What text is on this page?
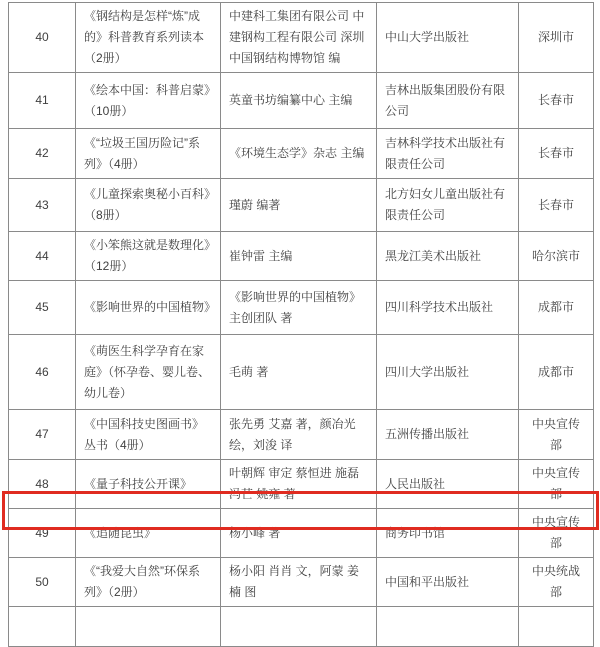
40	《钢结构是怎样“炼”成的》科普教育系列读本（2册）	中建科工集团有限公司 中建钢构工程有限公司 深圳中国钢结构博物馆 编	中山大学出版社	深圳市
41	《绘本中国：科普启蒙》（10册）	英童书坊编纂中心 主编	吉林出版集团股份有限公司	长春市
42	《“垃圾王国历险记”系列》（4册）	《环境生态学》杂志 主编	吉林科学技术出版社有限责任公司	长春市
43	《儿童探索奥秘小百科》（8册）	瑾蔚 编著	北方妇女儿童出版社有限责任公司	长春市
44	《小笨熊这就是数理化》（12册）	崔钟雷 主编	黑龙江美术出版社	哈尔滨市
45	《影响世界的中国植物》	《影响世界的中国植物》主创团队 著	四川科学技术出版社	成都市
46	《萌医生科学孕育在家庭》（怀孕卷、婴儿卷、幼儿卷）	毛萌 著	四川大学出版社	成都市
47	《中国科技史图画书》丛书（4册）	张先勇 艾嘉 著，颜冶光 绘，刘浚 译	五洲传播出版社	中央宣传部
48	《量子科技公开课》	叶朝辉 审定 蔡恒进 施磊 冯芒 姚雍 著	人民出版社	中央宣传部
49	《追随昆虫》	杨小峰 著	商务印书馆	中央宣传部
50	《“我爱大自然”环保系列》（2册）	杨小阳 肖肖 文，阿蒙 姜楠 图	中国和平出版社	中央统战部
